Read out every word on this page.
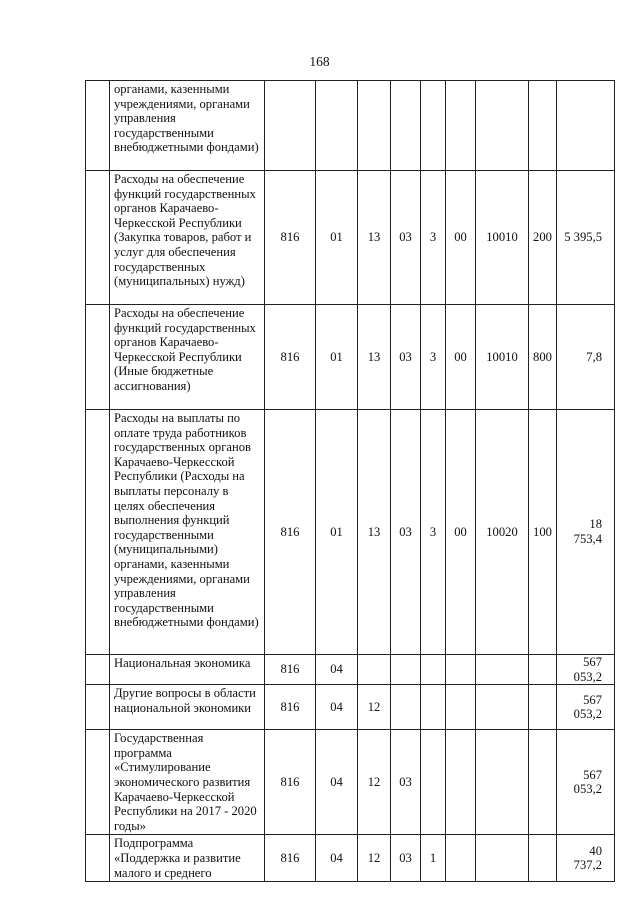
168
	органами, казенными учреждениями, органами управления государственными внебюджетными фондами)									
	Расходы на обеспечение функций государственных органов Карачаево-Черкесской Республики (Закупка товаров, работ и услуг для обеспечения государственных (муниципальных) нужд)	816	01	13	03	3	00	10010	200	5 395,5
	Расходы на обеспечение функций государственных органов Карачаево-Черкесской Республики (Иные бюджетные ассигнования)	816	01	13	03	3	00	10010	800	7,8
	Расходы на выплаты по оплате труда работников государственных органов Карачаево-Черкесской Республики (Расходы на выплаты персоналу в целях обеспечения выполнения функций государственными (муниципальными) органами, казенными учреждениями, органами управления государственными внебюджетными фондами)	816	01	13	03	3	00	10020	100	18 753,4
	Национальная экономика	816	04							567 053,2
	Другие вопросы в области национальной экономики	816	04	12						567 053,2
	Государственная программа «Стимулирование экономического развития Карачаево-Черкесской Республики на 2017 - 2020 годы»	816	04	12	03					567 053,2
	Подпрограмма «Поддержка и развитие малого и среднего	816	04	12	03	1				40 737,2
